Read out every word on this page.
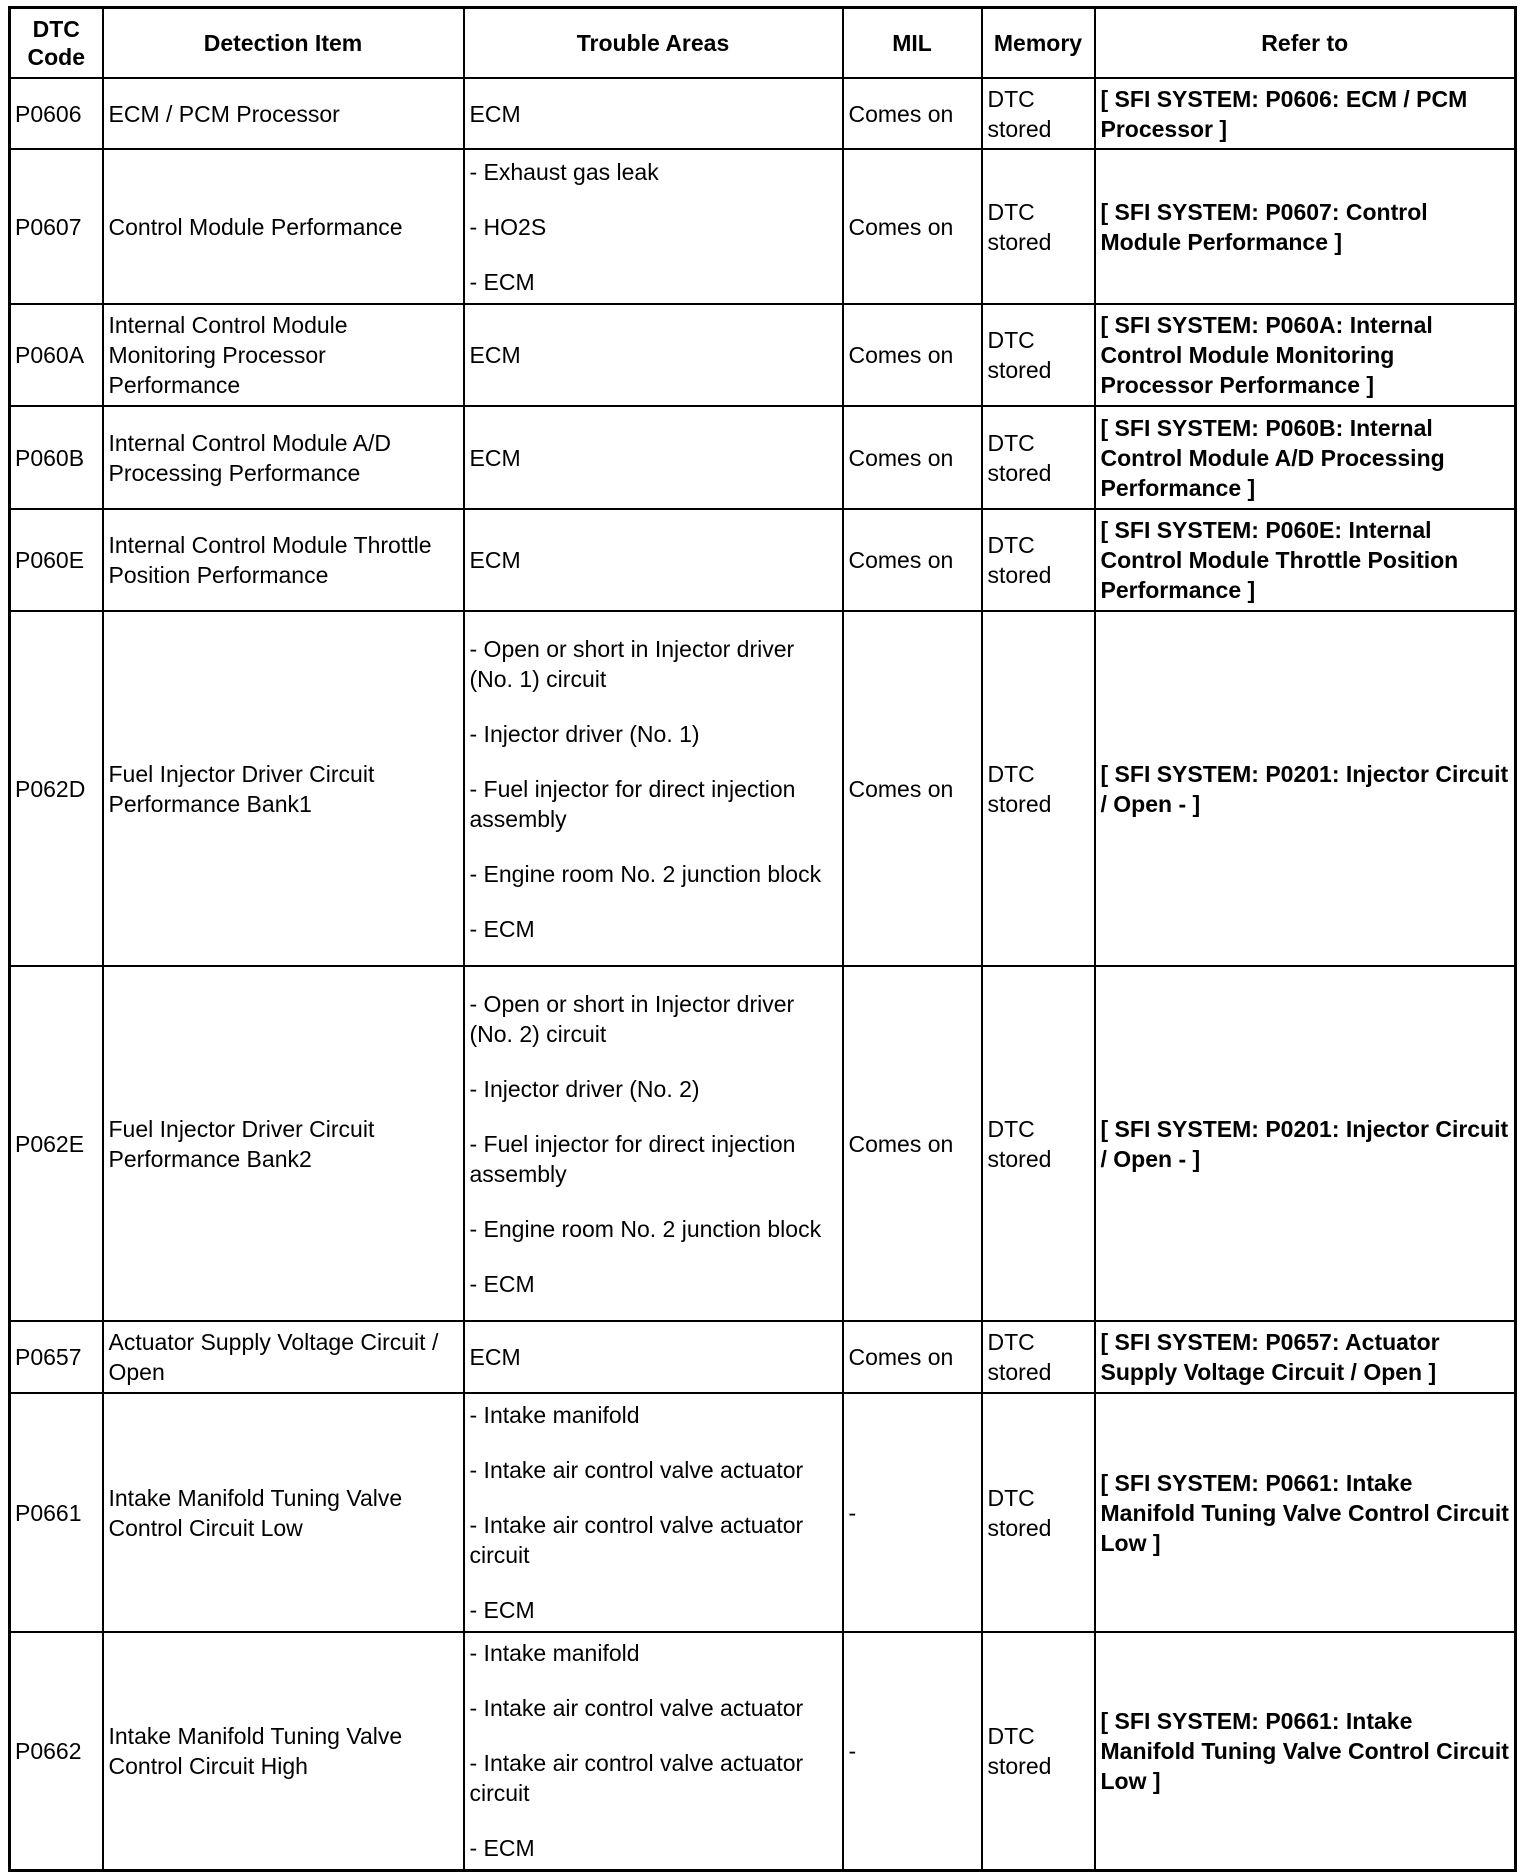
DTC Code	Detection Item	Trouble Areas	MIL	Memory	Refer to
P0606	ECM / PCM Processor	ECM	Comes on	DTC stored	[ SFI SYSTEM: P0606: ECM / PCM Processor ]
P0607	Control Module Performance	- Exhaust gas leak
- HO2S
- ECM	Comes on	DTC stored	[ SFI SYSTEM: P0607: Control Module Performance ]
P060A	Internal Control Module Monitoring Processor Performance	ECM	Comes on	DTC stored	[ SFI SYSTEM: P060A: Internal Control Module Monitoring Processor Performance ]
P060B	Internal Control Module A/D Processing Performance	ECM	Comes on	DTC stored	[ SFI SYSTEM: P060B: Internal Control Module A/D Processing Performance ]
P060E	Internal Control Module Throttle Position Performance	ECM	Comes on	DTC stored	[ SFI SYSTEM: P060E: Internal Control Module Throttle Position Performance ]
P062D	Fuel Injector Driver Circuit Performance Bank1	- Open or short in Injector driver (No. 1) circuit
- Injector driver (No. 1)
- Fuel injector for direct injection assembly
- Engine room No. 2 junction block
- ECM	Comes on	DTC stored	[ SFI SYSTEM: P0201: Injector Circuit / Open - ]
P062E	Fuel Injector Driver Circuit Performance Bank2	- Open or short in Injector driver (No. 2) circuit
- Injector driver (No. 2)
- Fuel injector for direct injection assembly
- Engine room No. 2 junction block
- ECM	Comes on	DTC stored	[ SFI SYSTEM: P0201: Injector Circuit / Open - ]
P0657	Actuator Supply Voltage Circuit / Open	ECM	Comes on	DTC stored	[ SFI SYSTEM: P0657: Actuator Supply Voltage Circuit / Open ]
P0661	Intake Manifold Tuning Valve Control Circuit Low	- Intake manifold
- Intake air control valve actuator
- Intake air control valve actuator circuit
- ECM	-	DTC stored	[ SFI SYSTEM: P0661: Intake Manifold Tuning Valve Control Circuit Low ]
P0662	Intake Manifold Tuning Valve Control Circuit High	- Intake manifold
- Intake air control valve actuator
- Intake air control valve actuator circuit
- ECM	-	DTC stored	[ SFI SYSTEM: P0661: Intake Manifold Tuning Valve Control Circuit Low ]
